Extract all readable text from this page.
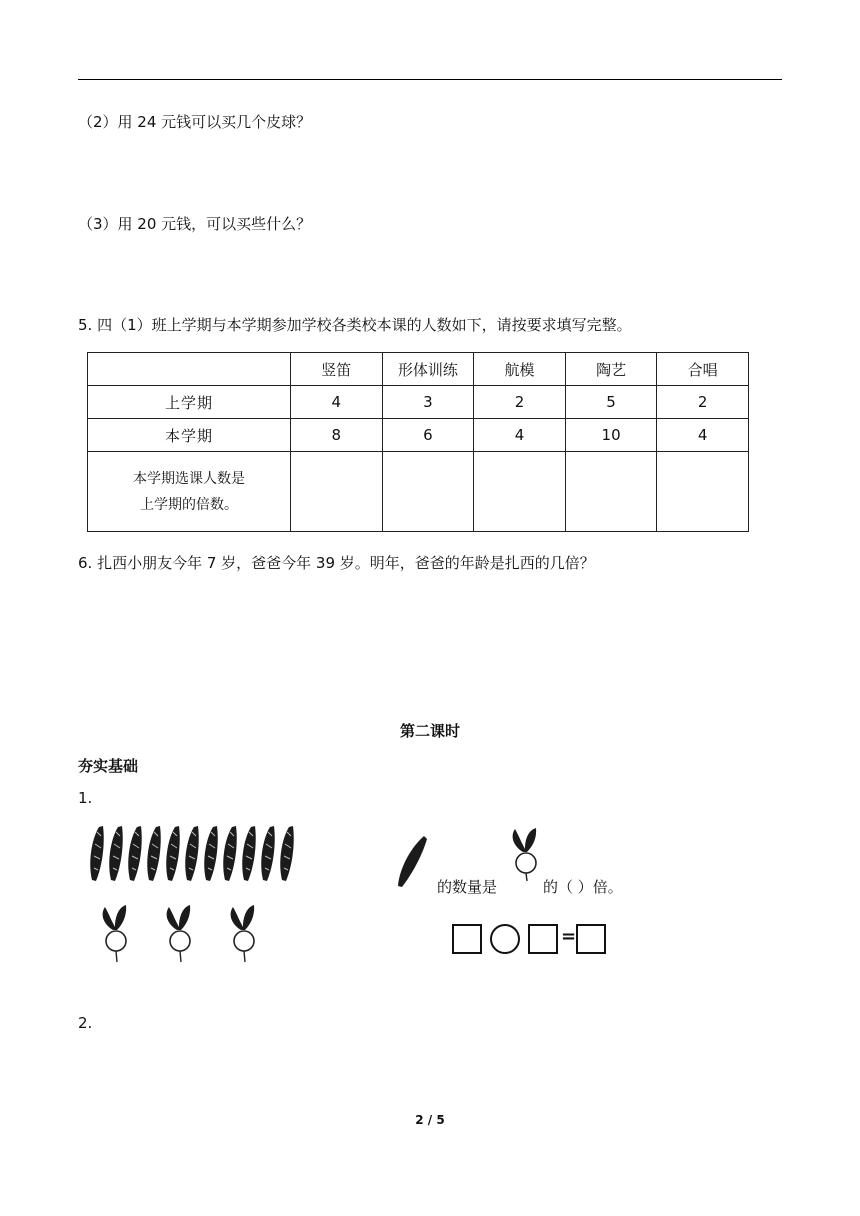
（2）用 24 元钱可以买几个皮球？
（3）用 20 元钱，可以买些什么？
5. 四（1）班上学期与本学期参加学校各类校本课的人数如下，请按要求填写完整。
	竖笛	形体训练	航模	陶艺	合唱
上学期	4	3	2	5	2
本学期	8	6	4	10	4

本学期选课人数是
上学期的倍数。					

6. 扎西小朋友今年 7 岁，爸爸今年 39 岁。明年，爸爸的年龄是扎西的几倍？
第二课时
夯实基础
1.
的数量是	的（ ）倍。
=
2.
2 / 5
